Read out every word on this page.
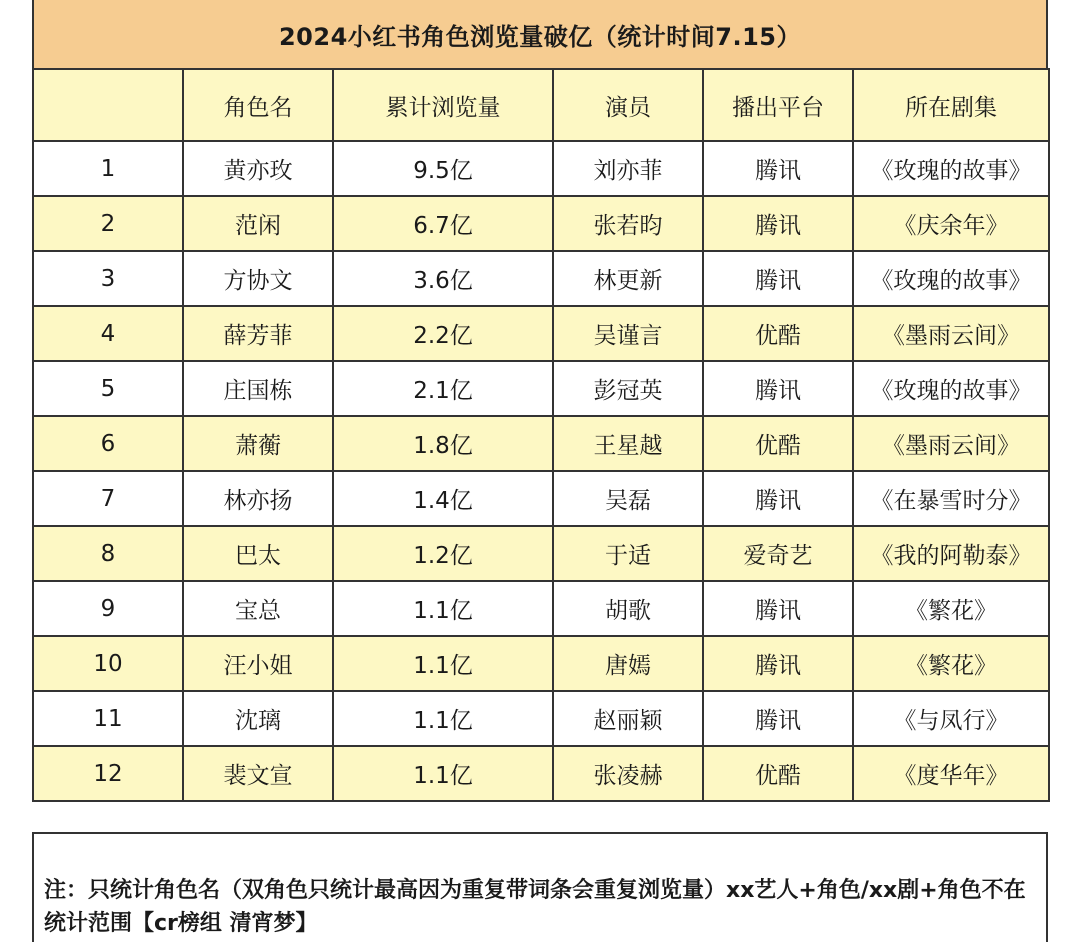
2024小红书角色浏览量破亿（统计时间7.15）
	角色名	累计浏览量	演员	播出平台	所在剧集
1	黄亦玫	9.5亿	刘亦菲	腾讯	《玫瑰的故事》
2	范闲	6.7亿	张若昀	腾讯	《庆余年》
3	方协文	3.6亿	林更新	腾讯	《玫瑰的故事》
4	薛芳菲	2.2亿	吴谨言	优酷	《墨雨云间》
5	庄国栋	2.1亿	彭冠英	腾讯	《玫瑰的故事》
6	萧蘅	1.8亿	王星越	优酷	《墨雨云间》
7	林亦扬	1.4亿	吴磊	腾讯	《在暴雪时分》
8	巴太	1.2亿	于适	爱奇艺	《我的阿勒泰》
9	宝总	1.1亿	胡歌	腾讯	《繁花》
10	汪小姐	1.1亿	唐嫣	腾讯	《繁花》
11	沈璃	1.1亿	赵丽颖	腾讯	《与凤行》
12	裴文宣	1.1亿	张凌赫	优酷	《度华年》
注：只统计角色名（双角色只统计最高因为重复带词条会重复浏览量）xx艺人+角色/xx剧+角色不在统计范围【cr榜组 清宵梦】
